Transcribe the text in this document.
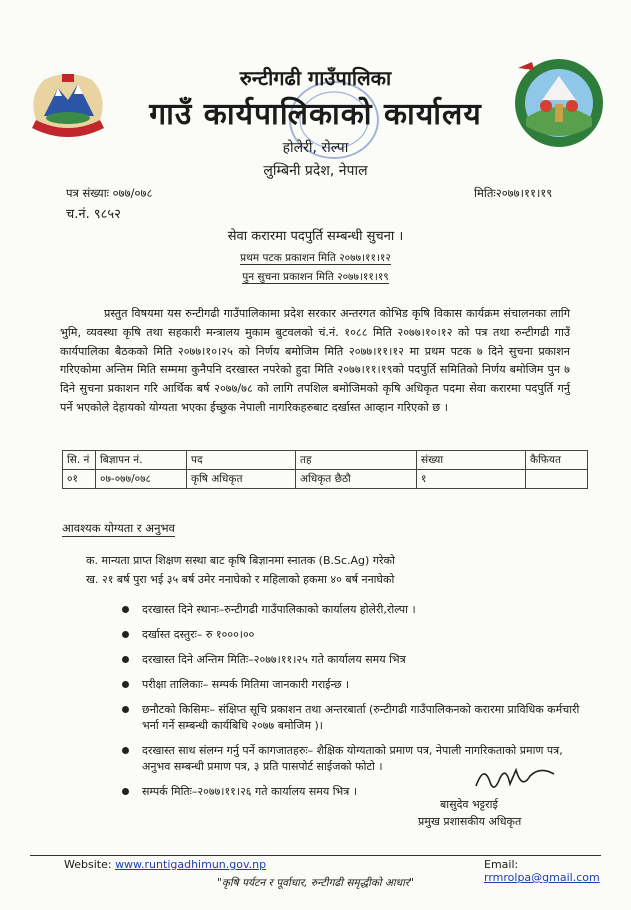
रुन्टीगढी गाउँपालिका
गाउँ कार्यपालिकाको कार्यालय
होलेरी, रोल्पा
लुम्बिनी प्रदेश, नेपाल
पत्र संख्याः ०७७/०७८
च.नं. ९८५२
मितिः२०७७।११।१९
सेवा करारमा पदपुर्ति सम्बन्धी सुचना ।
प्रथम पटक प्रकाशन मिति २०७७।११।१२
पुन सुचना प्रकाशन मिति २०७७।११।१९
प्रस्तुत विषयमा यस रुन्टीगढी गाउँपालिकामा प्रदेश सरकार अन्तरगत कोभिड कृषि विकास कार्यक्रम संचालनका लागि भुमि, व्यवस्था कृषि तथा सहकारी मन्त्रालय मुकाम बुटवलको चं.नं. १०८८ मिति २०७७।१०।१२ को पत्र तथा रुन्टीगढी गाउँ कार्यपालिका बैठकको मिति २०७७।१०।२५ को निर्णय बमोजिम मिति २०७७।११।१२ मा प्रथम पटक ७ दिने सुचना प्रकाशन गरिएकोमा अन्तिम मिति सम्ममा कुनैपनि दरखास्त नपरेको हुदा मिति २०७७।११।१९को पदपुर्ति समितिको निर्णय बमोजिम पुन ७ दिने सुचना प्रकाशन गरि आर्थिक बर्ष २०७७/७८ को लागि तपशिल बमोजिमको कृषि अधिकृत पदमा सेवा करारमा पदपुर्ति गर्नु पर्ने भएकोले देहायको योग्यता भएका ईच्छुक नेपाली नागरिकहरुबाट दर्खास्त आव्हान गरिएको छ ।
सि. नं	बिज्ञापन नं.	पद	तह	संख्या	कैफियत
०१	०७-०७७/०७८	कृषि अधिकृत	अधिकृत छैठौ	१	
आवश्यक योग्यता र अनुभव
क. मान्यता प्राप्त शिक्षण सस्था बाट कृषि बिज्ञानमा स्नातक (B.Sc.Ag) गरेको
ख. २१ बर्ष पुरा भई ३५ बर्ष उमेर ननाघेको र महिलाको हकमा ४० बर्ष ननाघेको
दरखास्त दिने स्थानः–रुन्टीगढी गाउँपालिकाको कार्यालय होलेरी,रोल्पा ।
दर्खास्त दस्तुरः– रु १०००।००
दरखास्त दिने अन्तिम मितिः–२०७७।११।२५ गते कार्यालय समय भित्र
परीक्षा तालिकाः– सम्पर्क मितिमा जानकारी गराईन्छ ।
छनौटको किसिमः– संक्षिप्त सूचि प्रकाशन तथा अन्तरबार्ता (रुन्टीगढी गाउँपालिकनको करारमा प्राविधिक कर्मचारी भर्ना गर्ने सम्बन्धी कार्यबिधि २०७७ बमोजिम )।
दरखास्त साथ संलग्न गर्नु पर्ने कागजातहरुः– शैक्षिक योग्यताको प्रमाण पत्र, नेपाली नागरिकताको प्रमाण पत्र, अनुभव सम्बन्धी प्रमाण पत्र, ३ प्रति पासपोर्ट साईजको फोटो ।
सम्पर्क मितिः–२०७७।११।२६ गते कार्यालय समय भित्र ।
बासुदेव भट्टराई
प्रमुख प्रशासकीय अधिकृत
Website: www.runtigadhimun.gov.np	Email: rrmrolpa@gmail.com
"कृषि पर्यटन र पूर्वाधार, रुन्टीगढी समृद्धीको आधार"
